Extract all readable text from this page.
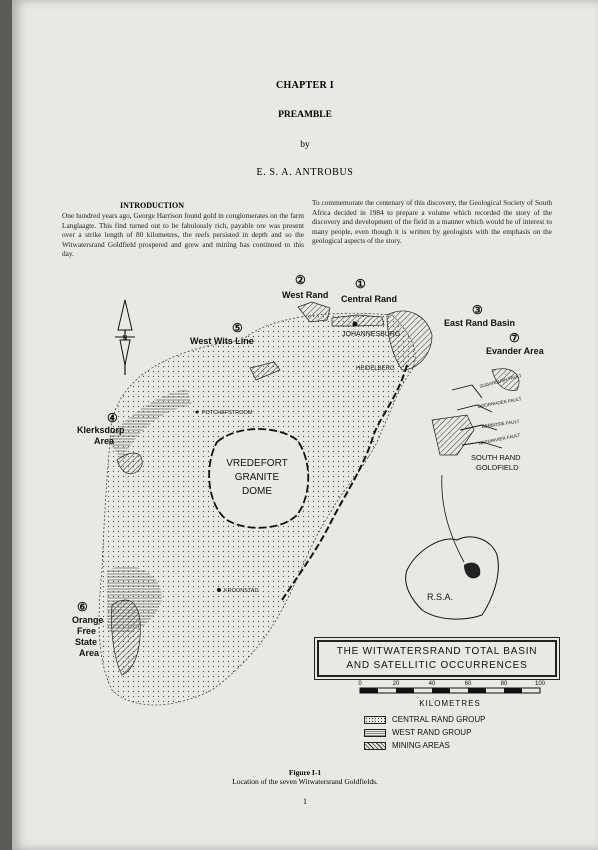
CHAPTER I
PREAMBLE
by
E. S. A. ANTROBUS
INTRODUCTION
One hundred years ago, George Harrison found gold in conglomerates on the farm Langlaagte. This find turned out to be fabulously rich, payable ore was present over a strike length of 80 kilometres, the reefs persisted in depth and so the Witwatersrand Goldfield prospered and grew and mining has continued to this day.
To commemorate the centenary of this discovery, the Geological Society of South Africa decided in 1984 to prepare a volume which recorded the story of the discovery and development of the field in a manner which would be of interest to many people, even though it is written by geologists with the emphasis on the geological aspects of the story.
VREDEFORT
GRANITE
DOME
SUGARBUSH FAULT
DOORNHOEK FAULT
BERBOSIE FAULT
NEEDRIVIER FAULT
N
②
West Rand
①
Central Rand
③
East Rand Basin
⑤
West Wits Line	⑦
Evander Area
④
Klerksdorp
Area
⑥
Orange
Free
State
Area
JOHANNESBURG
HEIDELBERG
POTCHEFSTROOM
KROONSTAD
SOUTH RAND
GOLDFIELD
R.S.A.
0	20	40	60	80	100
KILOMETRES
THE WITWATERSRAND TOTAL BASIN
AND SATELLITIC OCCURRENCES
CENTRAL RAND GROUP
WEST RAND GROUP
MINING AREAS
Figure I-1
Location of the seven Witwatersrand Goldfields.
1
